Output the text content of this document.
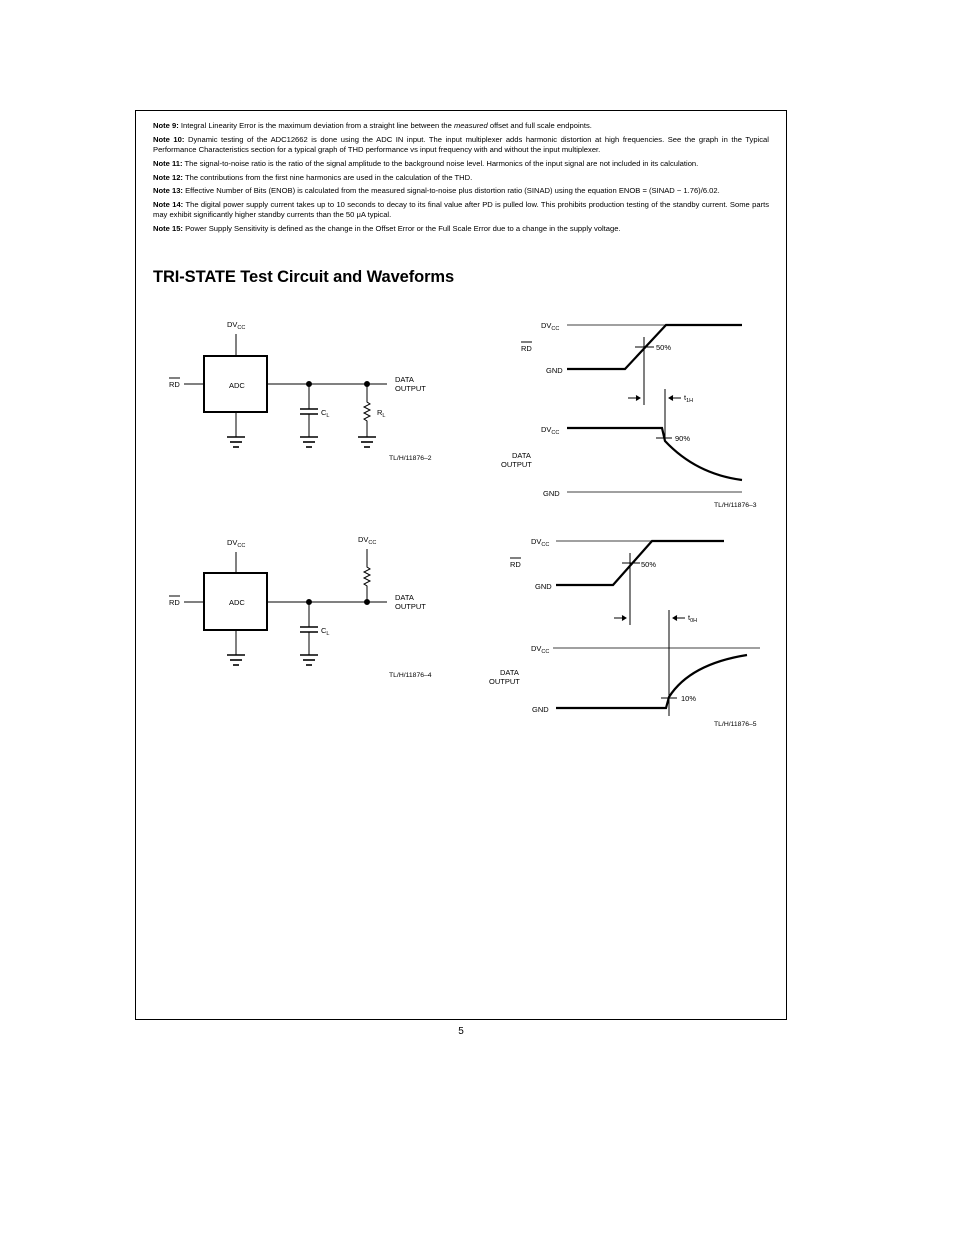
Note 9: Integral Linearity Error is the maximum deviation from a straight line between the measured offset and full scale endpoints.

Note 10: Dynamic testing of the ADC12662 is done using the ADC IN input. The input multiplexer adds harmonic distortion at high frequencies. See the graph in the Typical Performance Characteristics section for a typical graph of THD performance vs input frequency with and without the input multiplexer.

Note 11: The signal-to-noise ratio is the ratio of the signal amplitude to the background noise level. Harmonics of the input signal are not included in its calculation.

Note 12: The contributions from the first nine harmonics are used in the calculation of the THD.

Note 13: Effective Number of Bits (ENOB) is calculated from the measured signal-to-noise plus distortion ratio (SINAD) using the equation ENOB = (SINAD − 1.76)/6.02.

Note 14: The digital power supply current takes up to 10 seconds to decay to its final value after PD is pulled low. This prohibits production testing of the standby current. Some parts may exhibit significantly higher standby currents than the 50 μA typical.

Note 15: Power Supply Sensitivity is defined as the change in the Offset Error or the Full Scale Error due to a change in the supply voltage.

TRI-STATE Test Circuit and Waveforms
$DV_{CC}$
ADC
RD
DATA
OUTPUT
$C_L$	$R_L$
TL/H/11876–2
$DV_{CC}$
RD
GND
50%
$t_{1H}$
$DV_{CC}$
90%
DATA
OUTPUT
GND
TL/H/11876–3
$DV_{CC}$
ADC
RD
$DV_{CC}$
DATA
OUTPUT
$C_L$
TL/H/11876–4
$DV_{CC}$
RD
GND
50%
$t_{0H}$
$DV_{CC}$
DATA
OUTPUT
10%
GND
TL/H/11876–5
5
